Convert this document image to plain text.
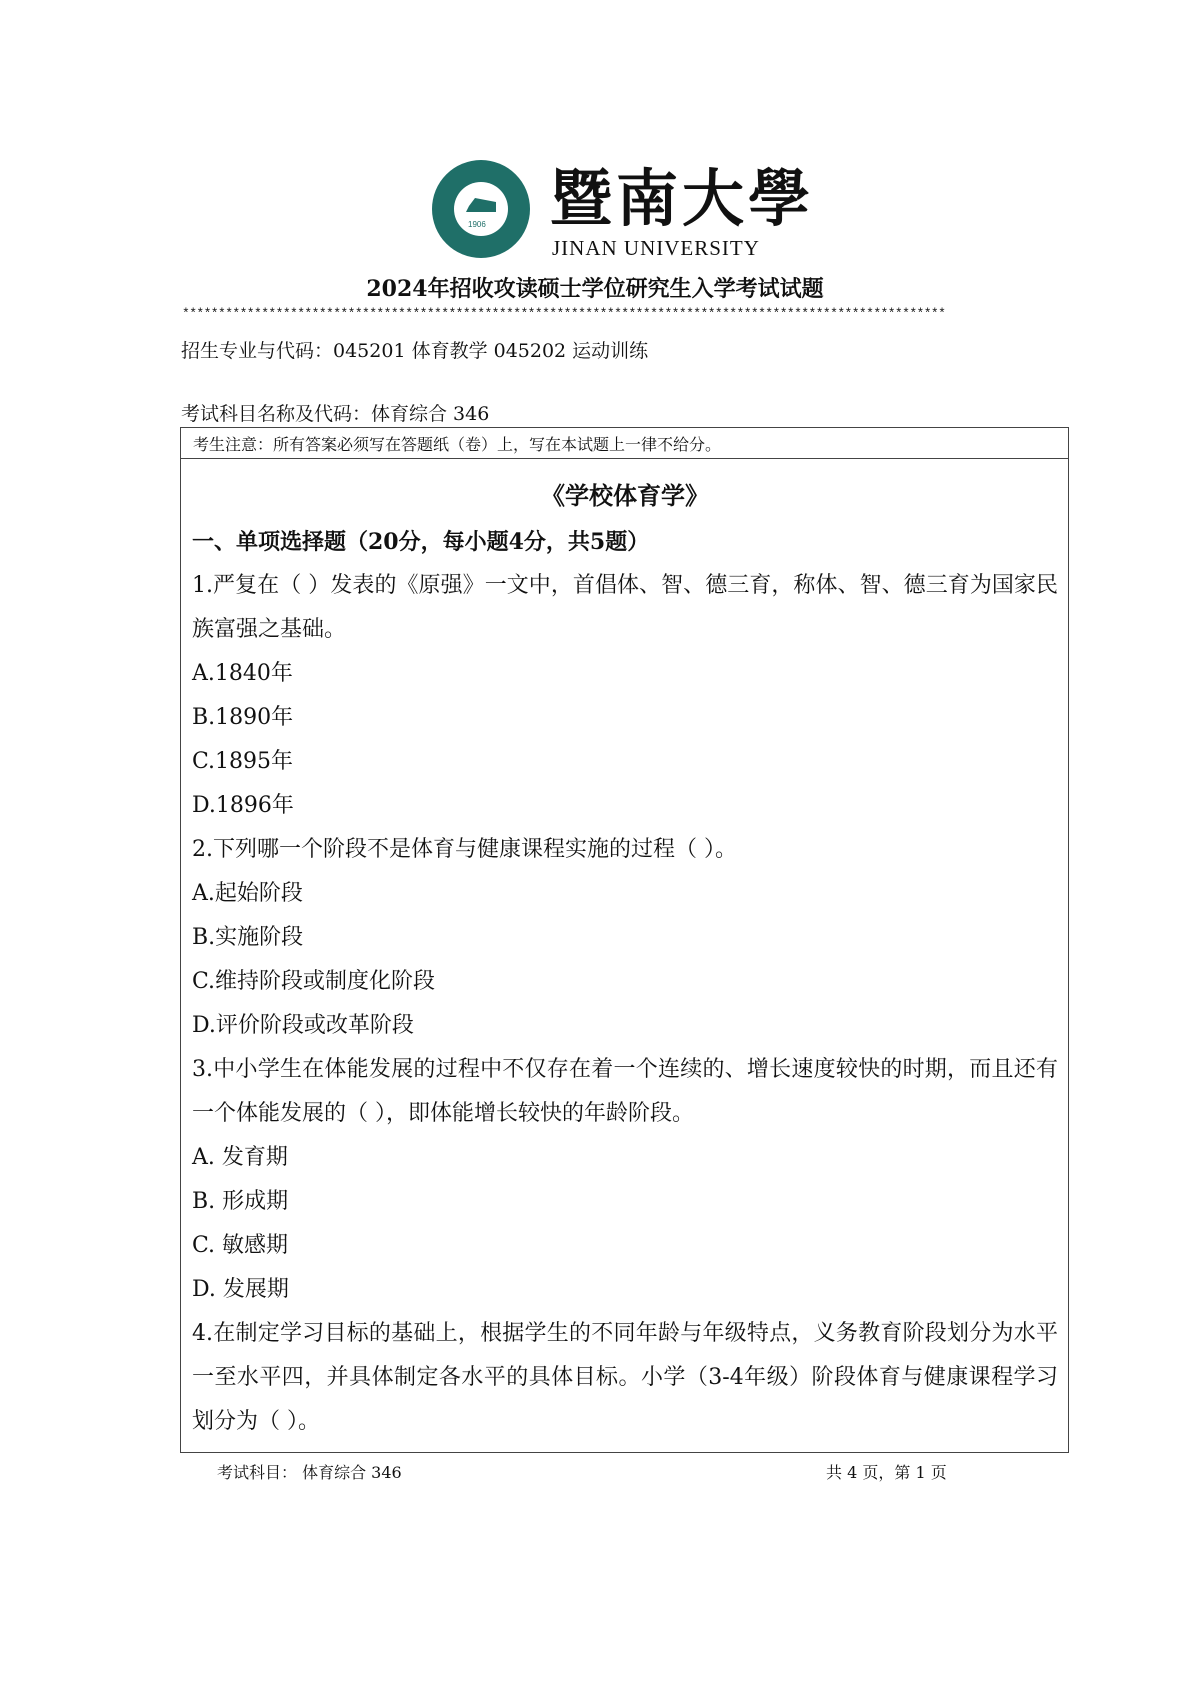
1906 暨南大學
JINAN UNIVERSITY
2024年招收攻读硕士学位研究生入学考试试题
**********************************************************************************************************
招生专业与代码：045201 体育教学 045202 运动训练
考试科目名称及代码：体育综合 346
考生注意：所有答案必须写在答题纸（卷）上，写在本试题上一律不给分。
《学校体育学》
一、单项选择题（20分，每小题4分，共5题）
1.严复在（ ）发表的《原强》一文中，首倡体、智、德三育，称体、智、德三育为国家民族富强之基础。
A.1840年
B.1890年
C.1895年
D.1896年
2.下列哪一个阶段不是体育与健康课程实施的过程（ ）。
A.起始阶段
B.实施阶段
C.维持阶段或制度化阶段
D.评价阶段或改革阶段
3.中小学生在体能发展的过程中不仅存在着一个连续的、增长速度较快的时期，而且还有一个体能发展的（ ），即体能增长较快的年龄阶段。
A. 发育期
B. 形成期
C. 敏感期
D. 发展期
4.在制定学习目标的基础上，根据学生的不同年龄与年级特点，义务教育阶段划分为水平一至水平四，并具体制定各水平的具体目标。小学（3-4年级）阶段体育与健康课程学习划分为（ ）。
考试科目： 体育综合 346	共 4 页，第 1 页
